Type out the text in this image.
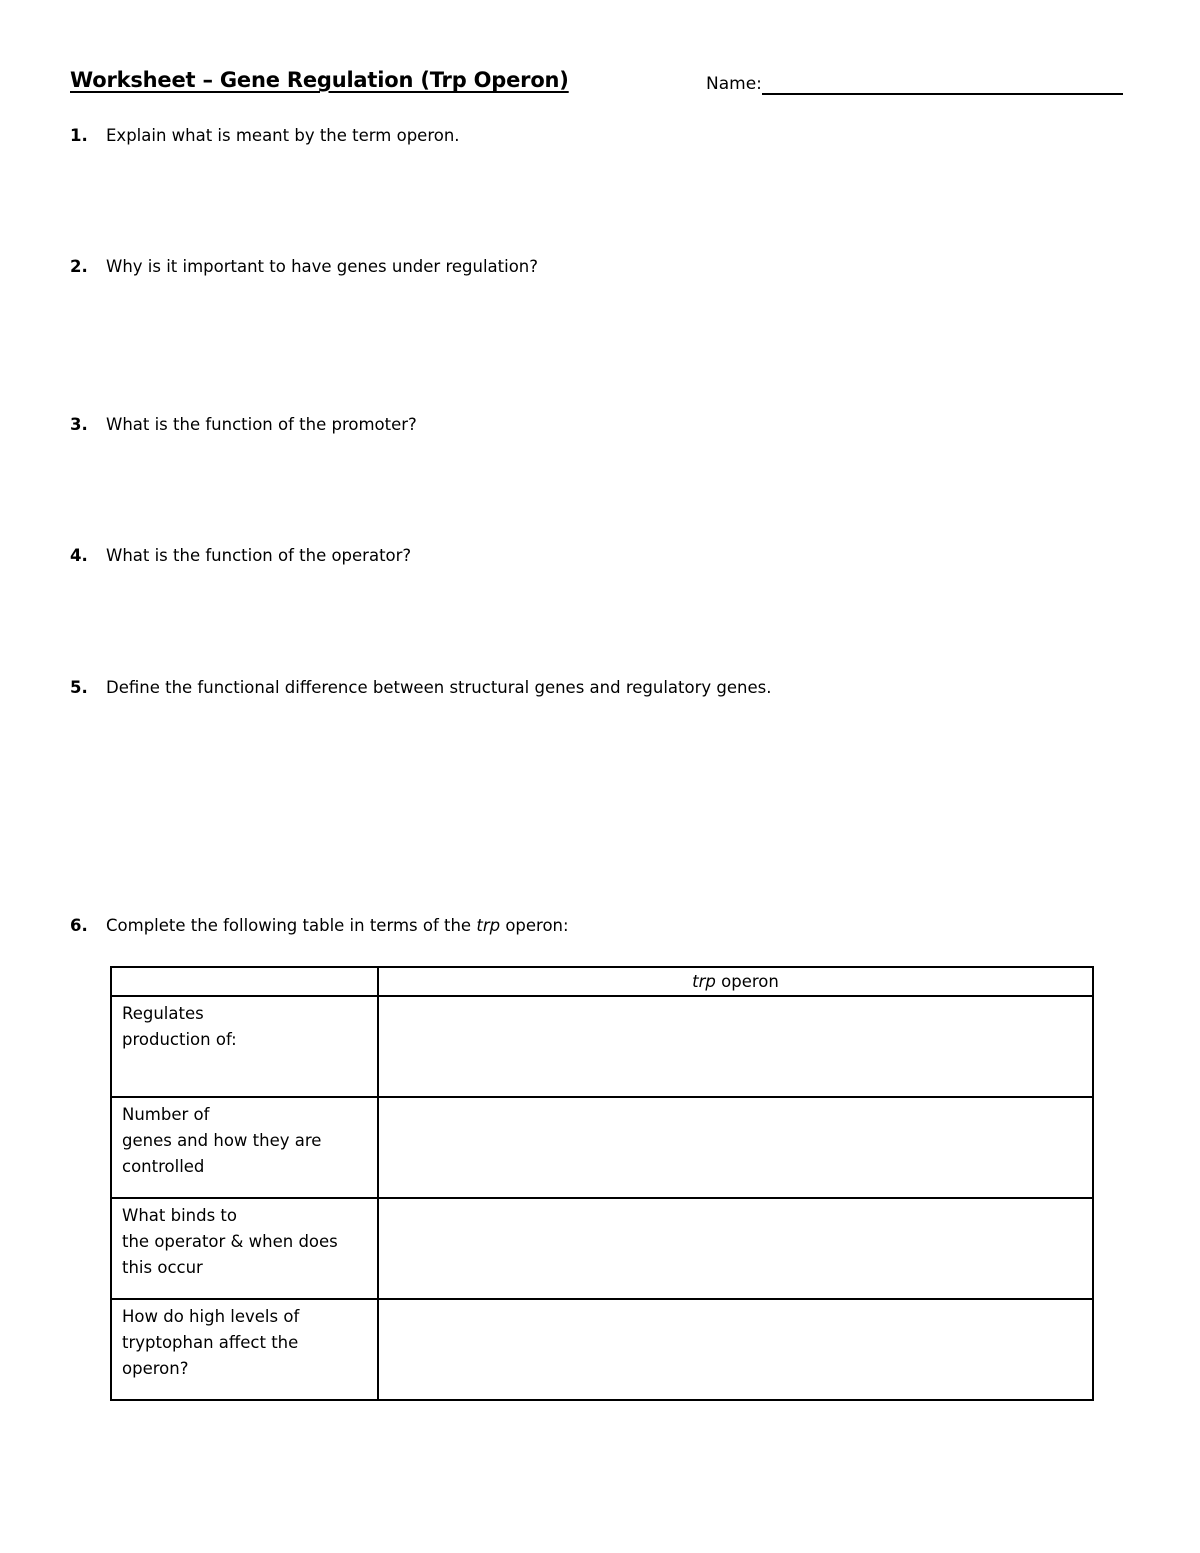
Worksheet – Gene Regulation (Trp Operon)	Name:
1. Explain what is meant by the term operon.
2. Why is it important to have genes under regulation?
3. What is the function of the promoter?
4. What is the function of the operator?
5. Define the functional difference between structural genes and regulatory genes.
6. Complete the following table in terms of the trp operon:
	trp operon

Regulates
production of:	

Number of
genes and how they are
controlled	

What binds to
the operator & when does
this occur	

How do high levels of
tryptophan affect the
operon?	
